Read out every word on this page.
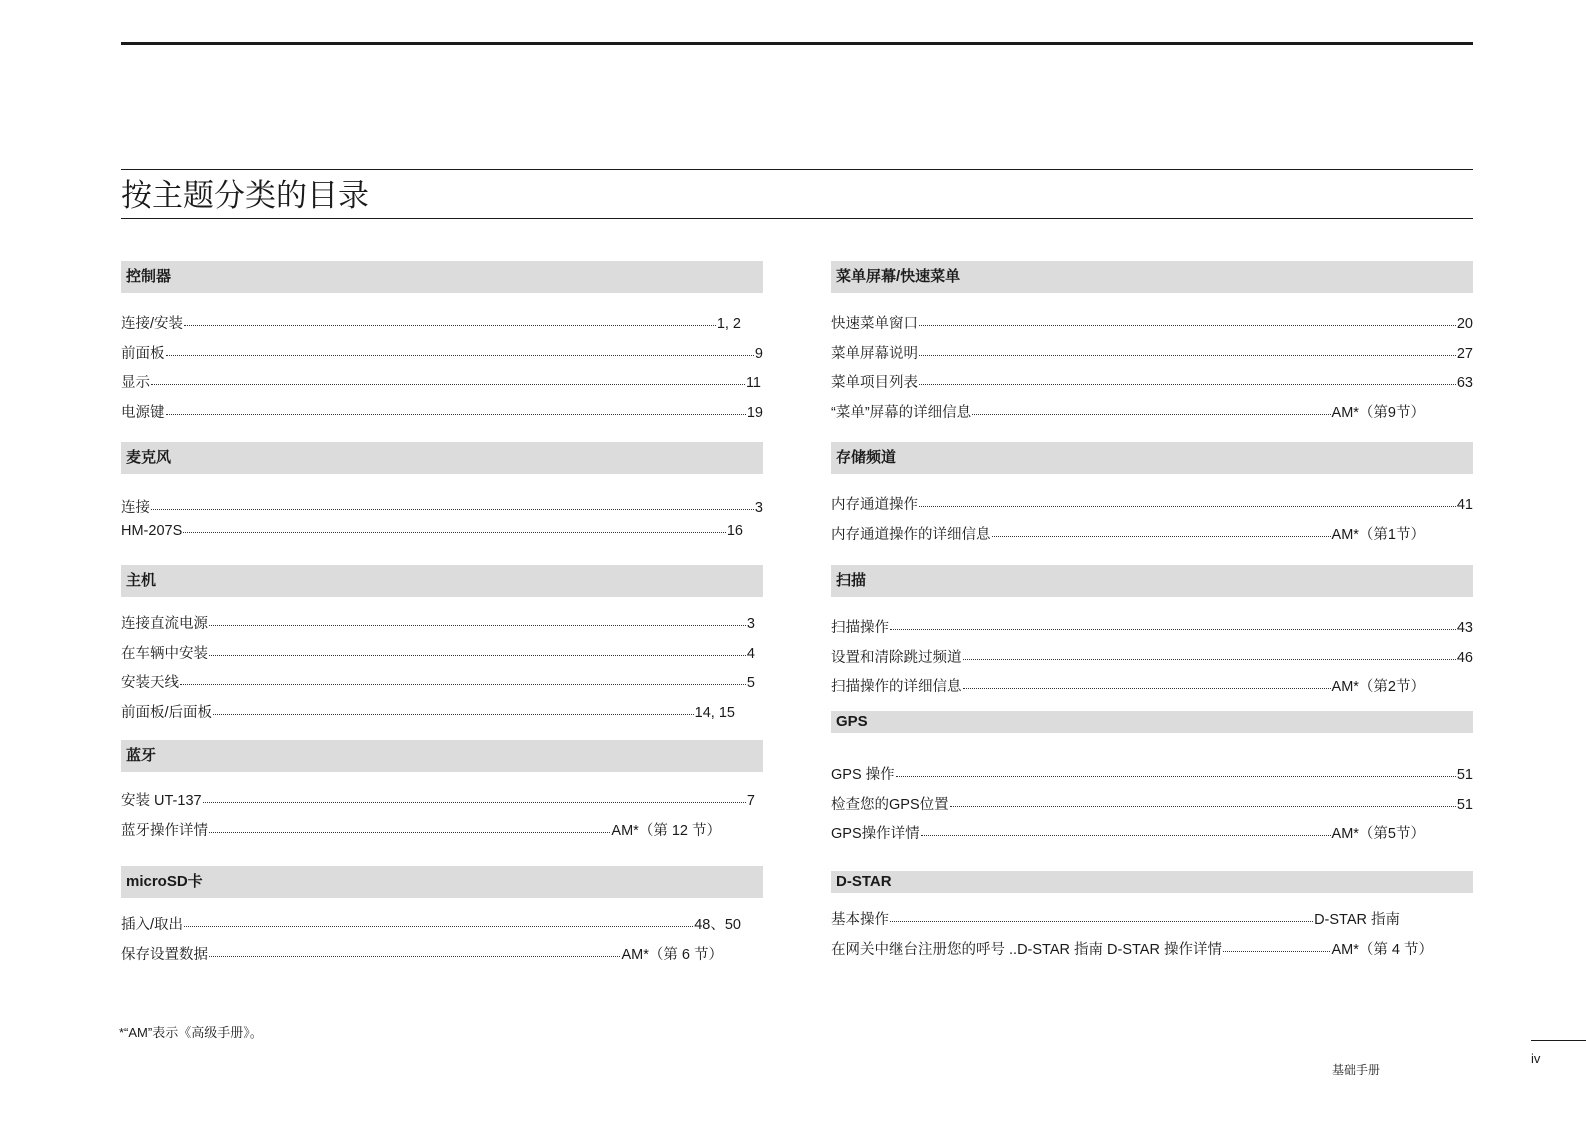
按主题分类的目录
控制器
连接/安装	1, 2
前面板	9
显示	11
电源键	19
麦克风
连接	3
HM-207S	16
主机
连接直流电源	3
在车辆中安装	4
安装天线	5
前面板/后面板	14, 15
蓝牙
安装 UT-137	7
蓝牙操作详情	AM*（第 12 节）
microSD卡
插入/取出	48、50
保存设置数据	AM*（第 6 节）
菜单屏幕/快速菜单
快速菜单窗口	20
菜单屏幕说明	27
菜单项目列表	63
“菜单”屏幕的详细信息	AM*（第9节）
存储频道
内存通道操作	41
内存通道操作的详细信息	AM*（第1节）
扫描
扫描操作	43
设置和清除跳过频道	46
扫描操作的详细信息	AM*（第2节）
GPS
GPS 操作	51
检查您的GPS位置	51
GPS操作详情	AM*（第5节）
D-STAR
基本操作	D-STAR 指南
在网关中继台注册您的呼号 ..D-STAR 指南 D-STAR 操作详情	AM*（第 4 节）
*“AM”表示《高级手册》。
基础手册
iv
